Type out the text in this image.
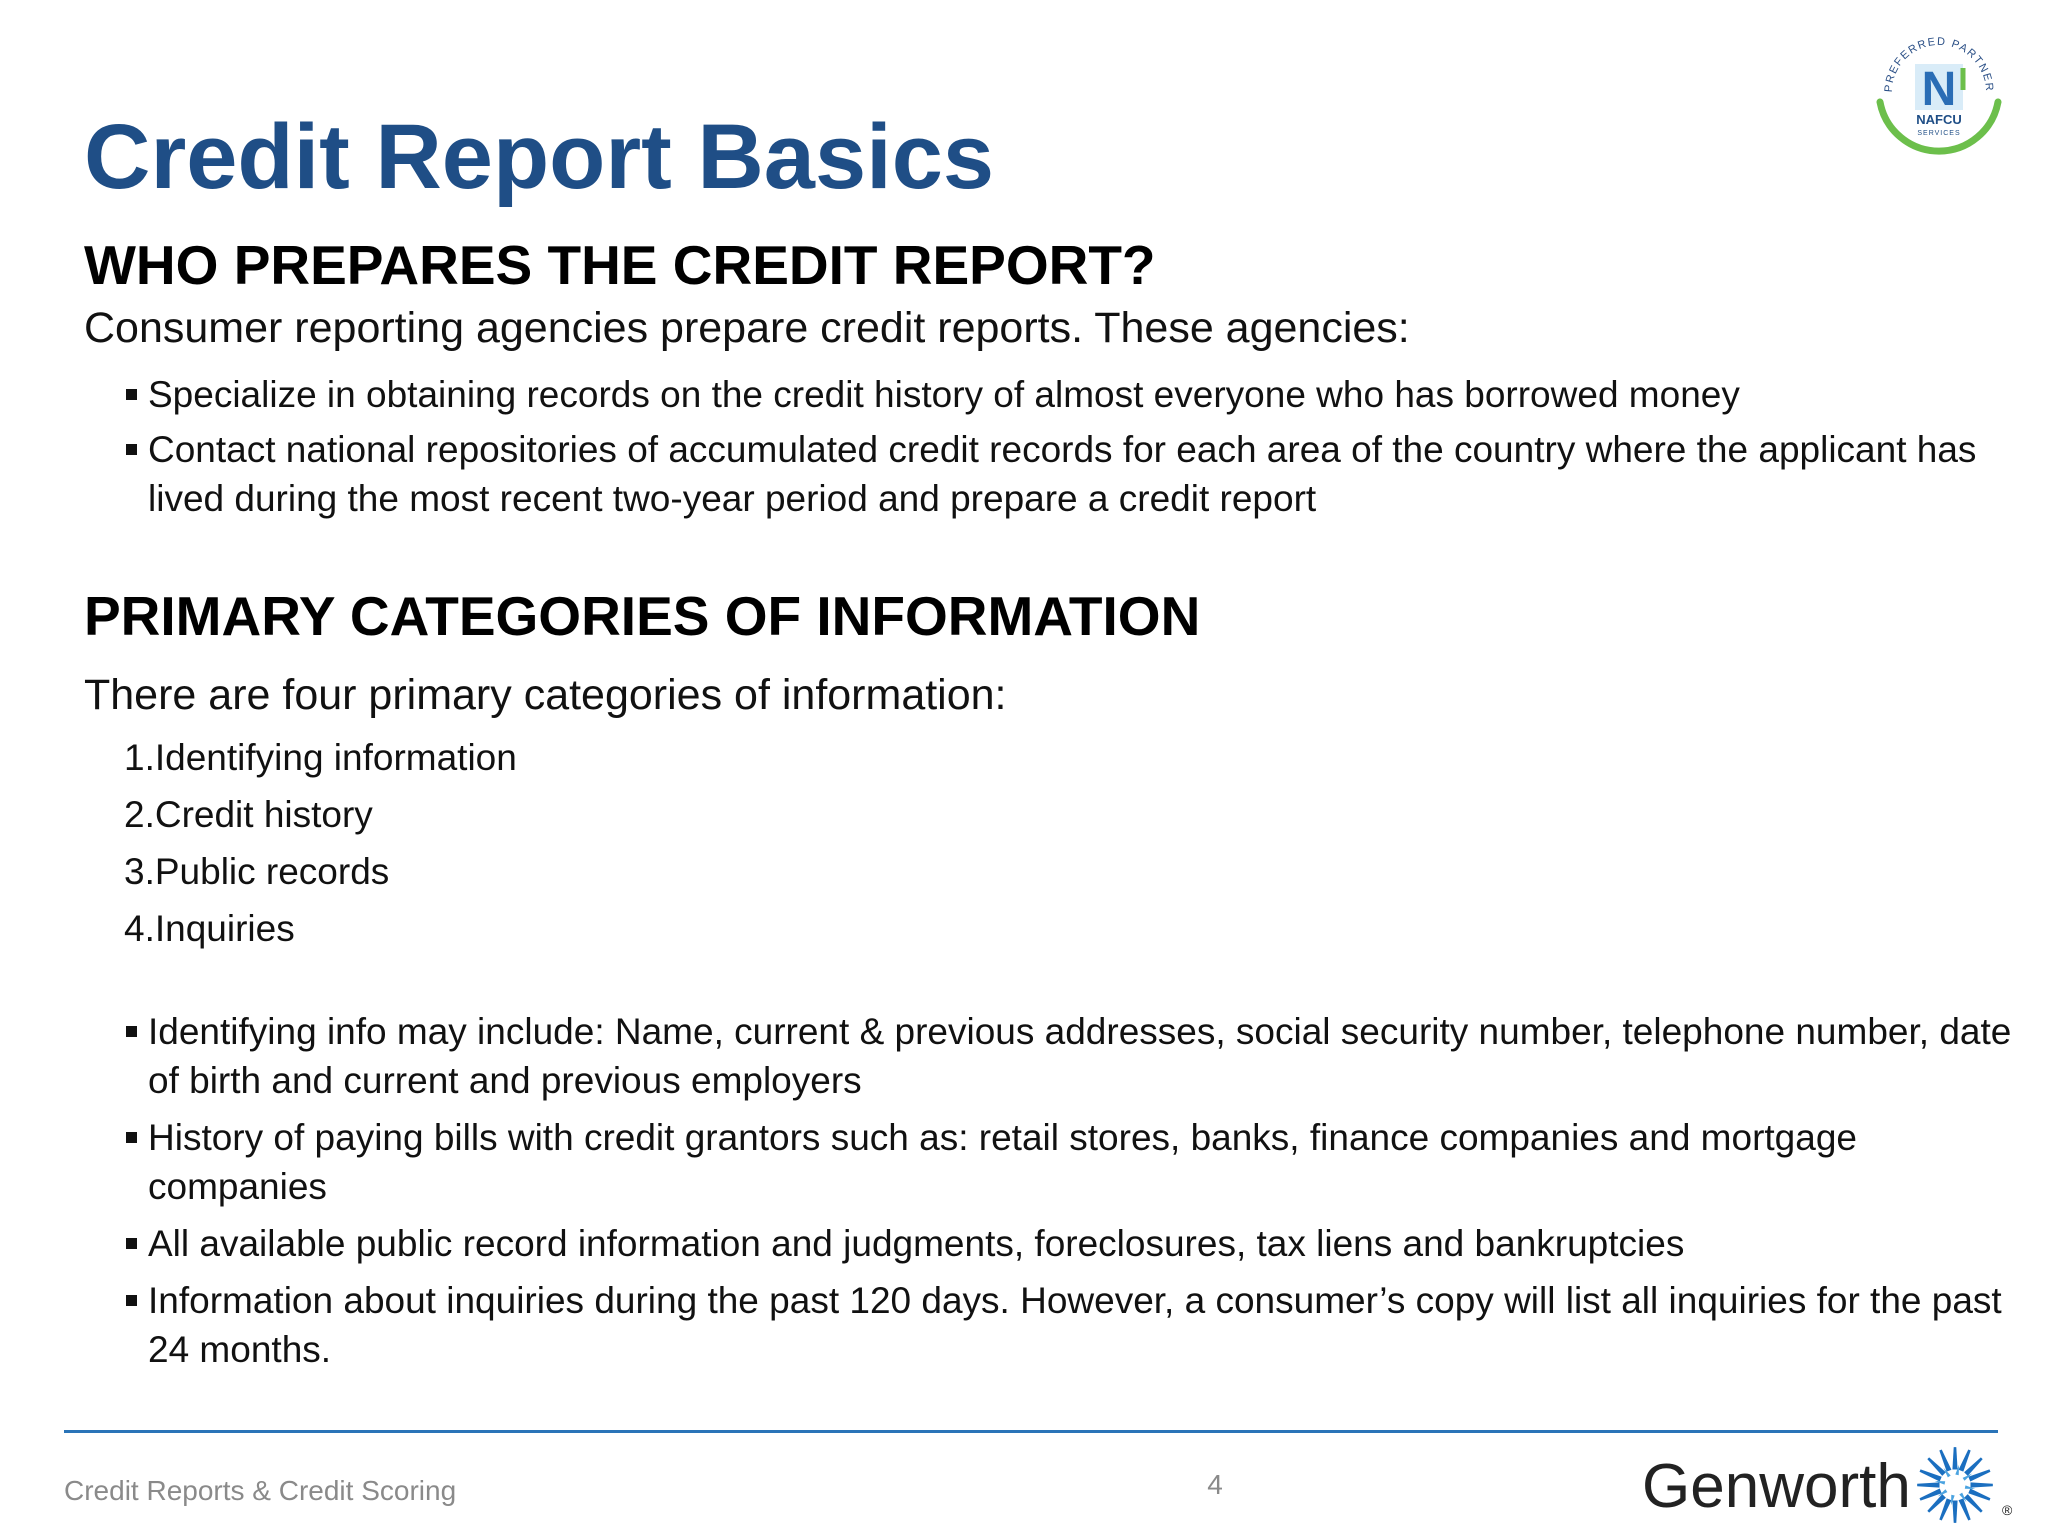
Credit Report Basics
PREFERRED PARTNER
N
NAFCU
SERVICES
WHO PREPARES THE CREDIT REPORT?

Consumer reporting agencies prepare credit reports. These agencies:

Specialize in obtaining records on the credit history of almost everyone who has borrowed money
Contact national repositories of accumulated credit records for each area of the country where the applicant has lived during the most recent two-year period and prepare a credit report
PRIMARY CATEGORIES OF INFORMATION

There are four primary categories of information:

1.Identifying information
2.Credit history
3.Public records
4.Inquiries
Identifying info may include: Name, current & previous addresses, social security number, telephone number, date of birth and current and previous employers
History of paying bills with credit grantors such as: retail stores, banks, finance companies and mortgage companies
All available public record information and judgments, foreclosures, tax liens and bankruptcies
Information about inquiries during the past 120 days. However, a consumer’s copy will list all inquiries for the past 24 months.
Credit Reports & Credit Scoring	4	Genworth	®
